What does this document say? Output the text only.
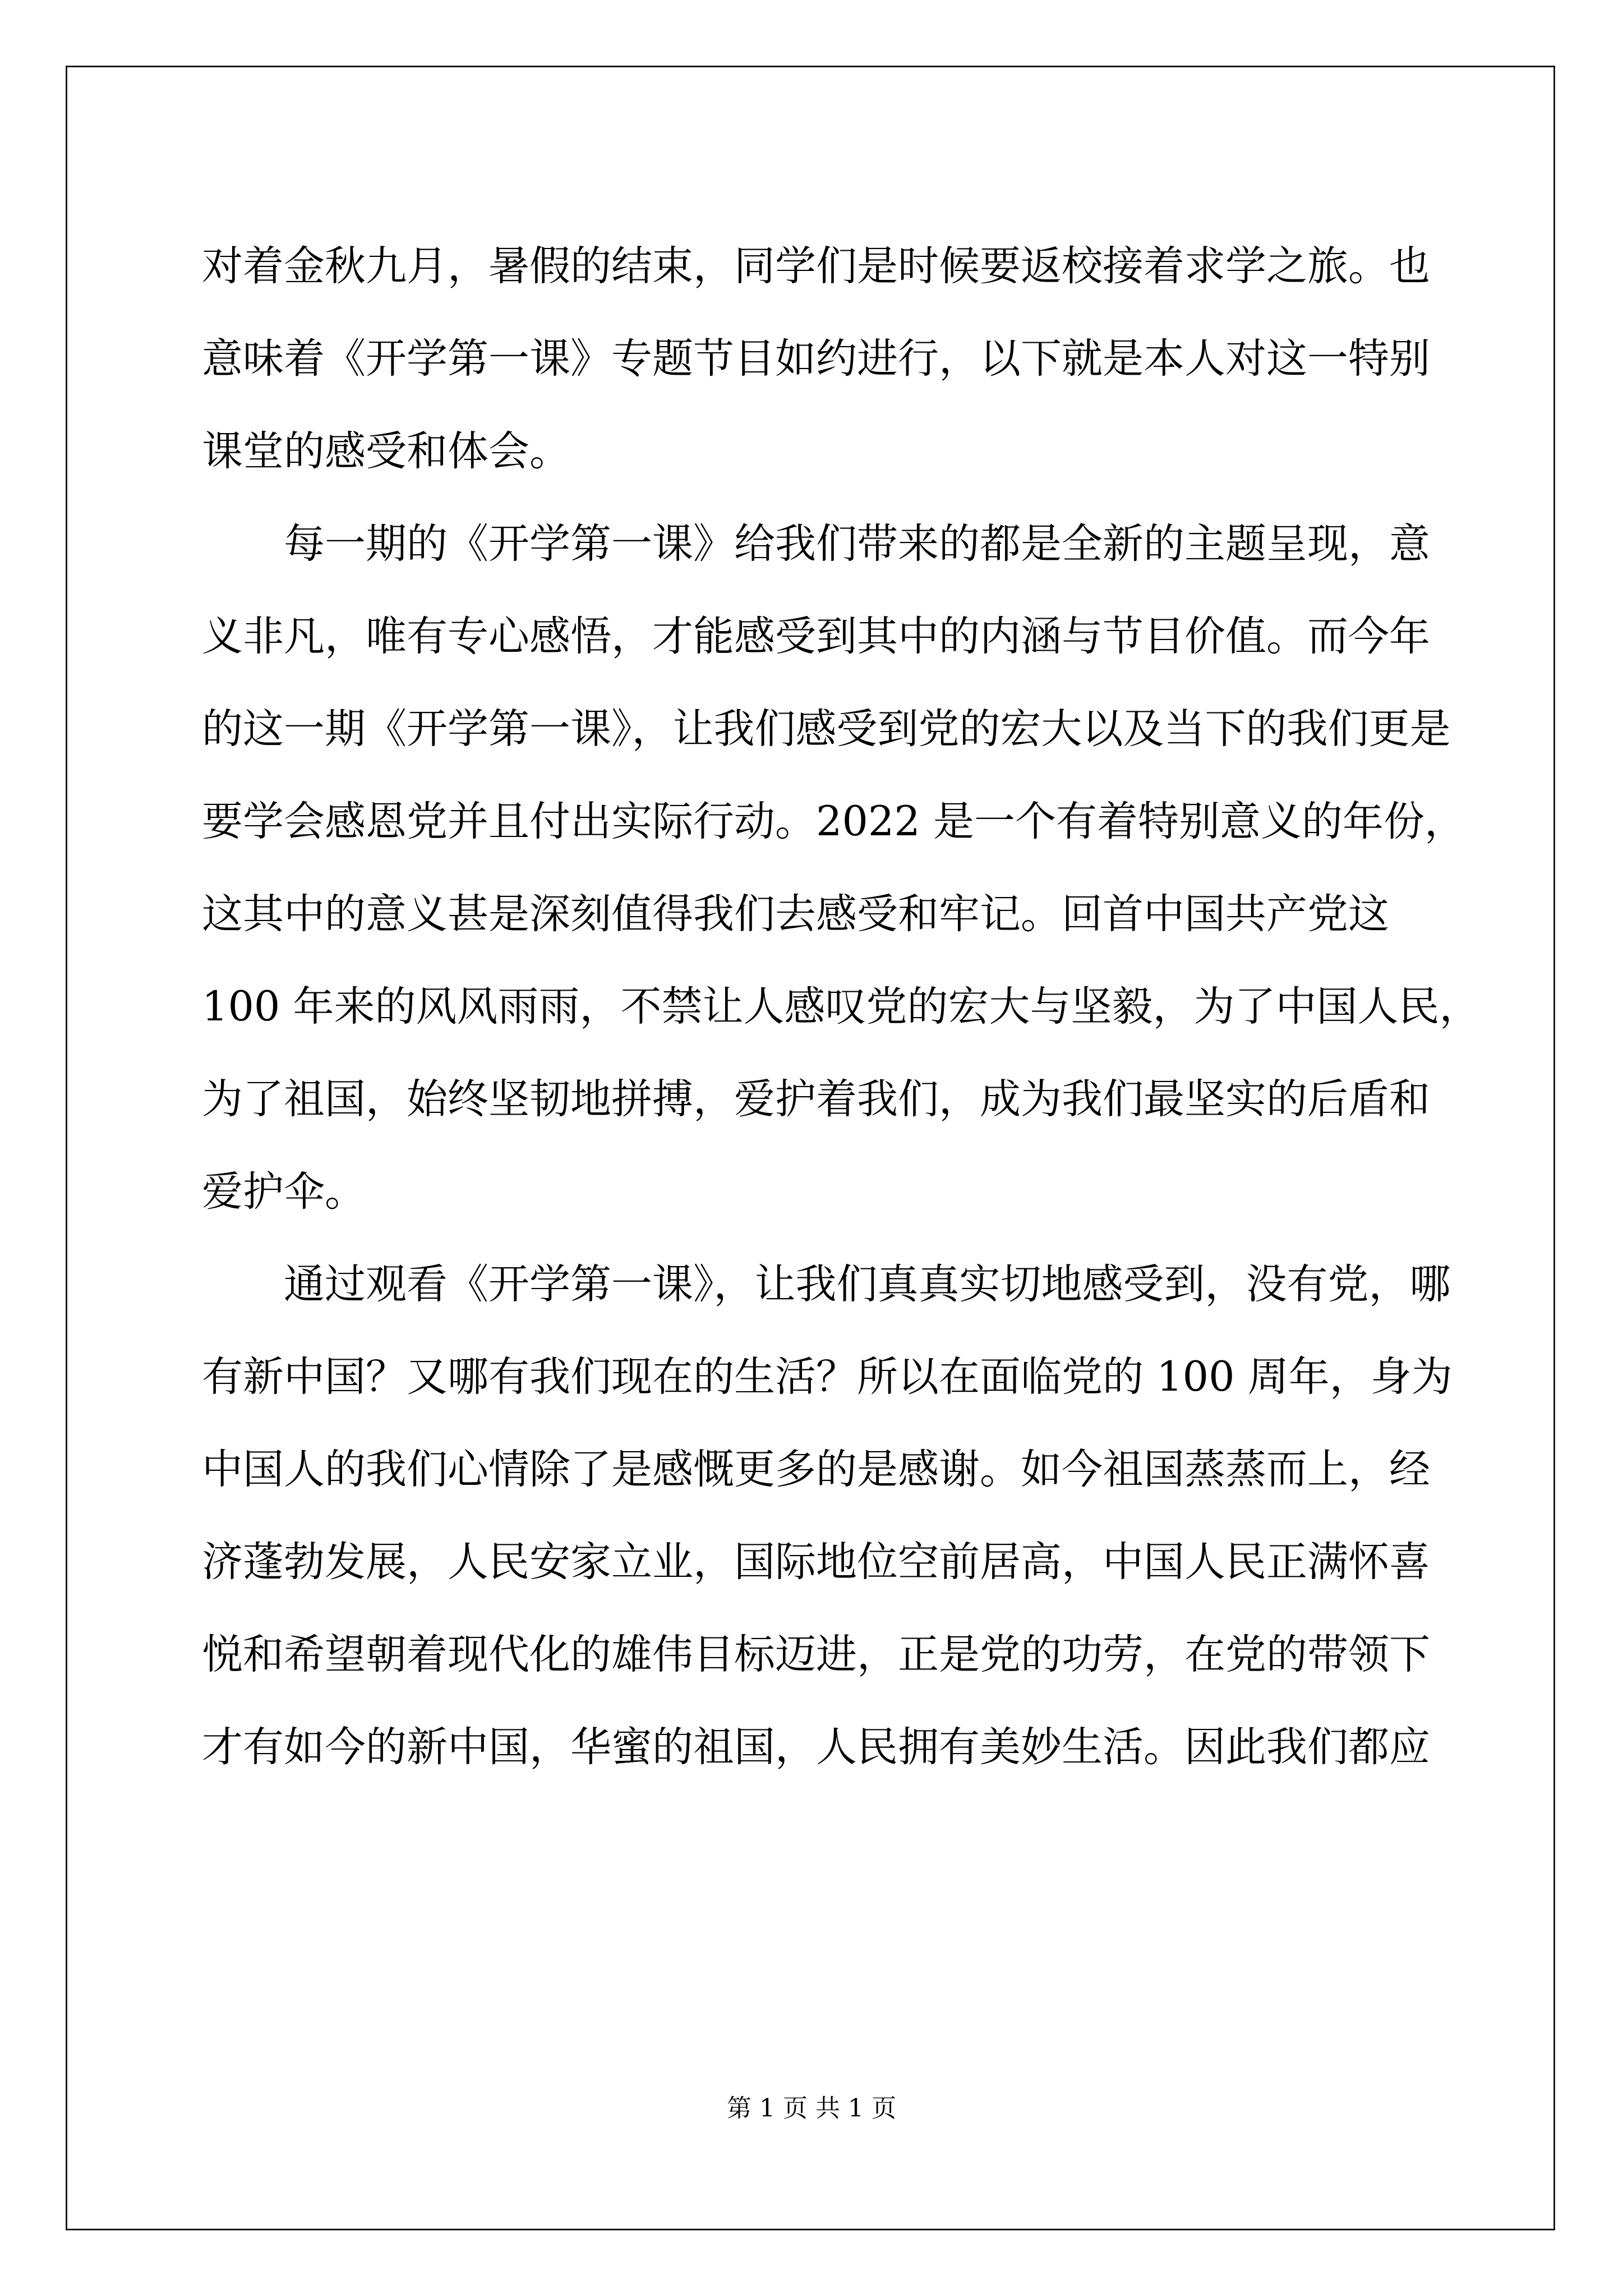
对着金秋九月，暑假的结束，同学们是时候要返校接着求学之旅。也
意味着《开学第一课》专题节目如约进行，以下就是本人对这一特别
课堂的感受和体会。
每一期的《开学第一课》给我们带来的都是全新的主题呈现，意
义非凡，唯有专心感悟，才能感受到其中的内涵与节目价值。而今年
的这一期《开学第一课》，让我们感受到党的宏大以及当下的我们更是
要学会感恩党并且付出实际行动。2022 是一个有着特别意义的年份，
这其中的意义甚是深刻值得我们去感受和牢记。回首中国共产党这
100 年来的风风雨雨，不禁让人感叹党的宏大与坚毅，为了中国人民，
为了祖国，始终坚韧地拼搏，爱护着我们，成为我们最坚实的后盾和
爱护伞。
通过观看《开学第一课》，让我们真真实切地感受到，没有党，哪
有新中国？又哪有我们现在的生活？所以在面临党的 100 周年，身为
中国人的我们心情除了是感慨更多的是感谢。如今祖国蒸蒸而上，经
济蓬勃发展，人民安家立业，国际地位空前居高，中国人民正满怀喜
悦和希望朝着现代化的雄伟目标迈进，正是党的功劳，在党的带领下
才有如今的新中国，华蜜的祖国，人民拥有美妙生活。因此我们都应
第 1 页 共 1 页
